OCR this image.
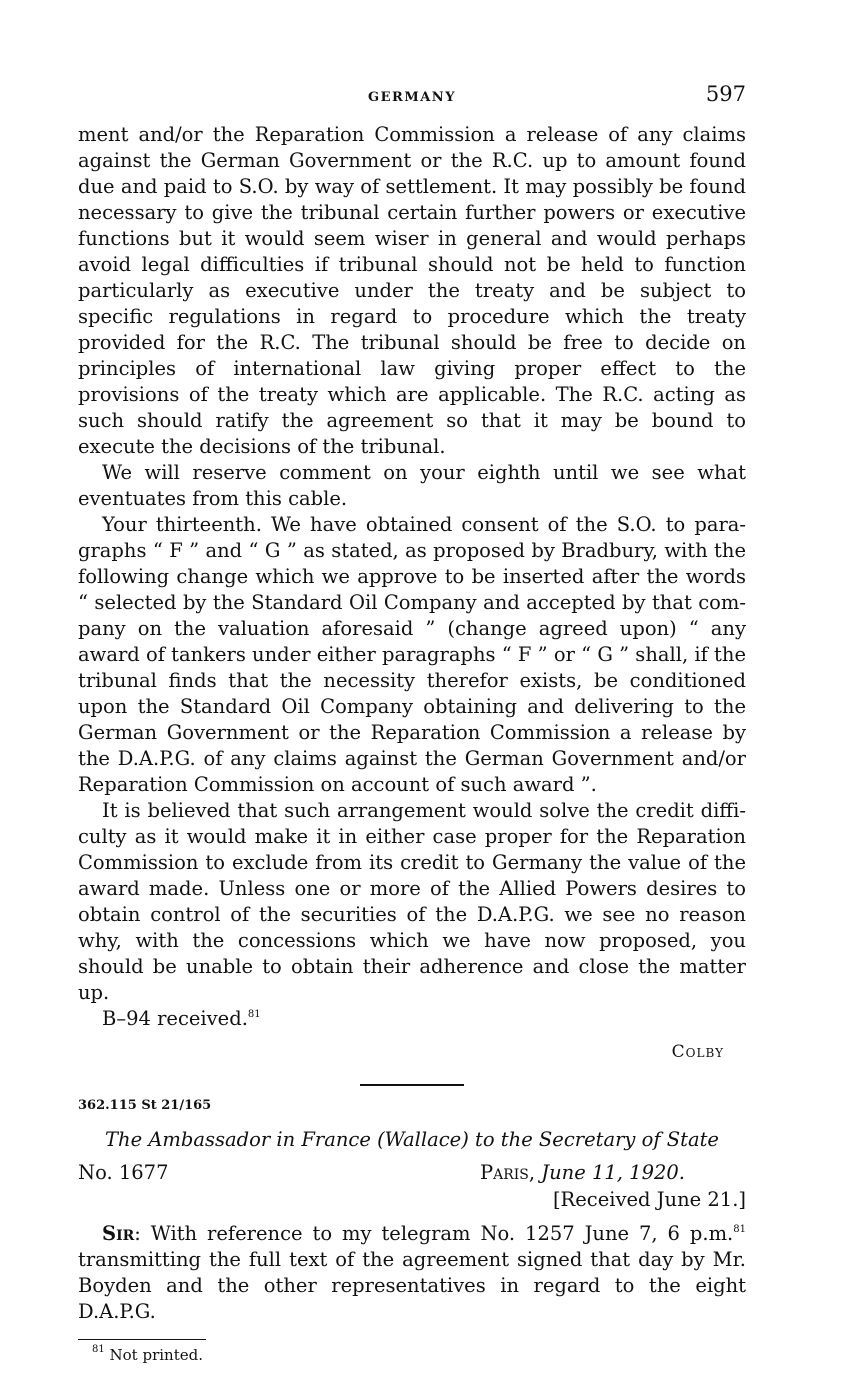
GERMANY	597

ment and/or the Reparation Commission a release of any claims against the German Government or the R.C. up to amount found due and paid to S.O. by way of settlement. It may possibly be found necessary to give the tribunal certain further powers or executive functions but it would seem wiser in general and would perhaps avoid legal difficulties if tribunal should not be held to function particularly as executive under the treaty and be subject to specific regulations in regard to procedure which the treaty provided for the R.C. The tribunal should be free to decide on principles of international law giving proper effect to the provisions of the treaty which are applicable. The R.C. acting as such should ratify the agreement so that it may be bound to execute the decisions of the tribunal.

We will reserve comment on your eighth until we see what eventuates from this cable.

Your thirteenth. We have obtained consent of the S.O. to paragraphs “ F ” and “ G ” as stated, as proposed by Bradbury, with the following change which we approve to be inserted after the words “ selected by the Standard Oil Company and accepted by that company on the valuation aforesaid ” (change agreed upon) “ any award of tankers under either paragraphs “ F ” or “ G ” shall, if the tribunal finds that the necessity therefor exists, be conditioned upon the Standard Oil Company obtaining and delivering to the German Government or the Reparation Commission a release by the D.A.P.G. of any claims against the German Government and/or Reparation Commission on account of such award ”.

It is believed that such arrangement would solve the credit difficulty as it would make it in either case proper for the Reparation Commission to exclude from its credit to Germany the value of the award made. Unless one or more of the Allied Powers desires to obtain control of the securities of the D.A.P.G. we see no reason why, with the concessions which we have now proposed, you should be unable to obtain their adherence and close the matter up.

B–94 received.$^{81}$

Colby
362.115 St 21/165
The Ambassador in France (Wallace) to the Secretary of State
No. 1677	Paris, June 11, 1920.
[Received June 21.]

Sir: With reference to my telegram No. 1257 June 7, 6 p.m.$^{81}$ transmitting the full text of the agreement signed that day by Mr. Boyden and the other representatives in regard to the eight D.A.P.G.

$^{81}$ Not printed.
